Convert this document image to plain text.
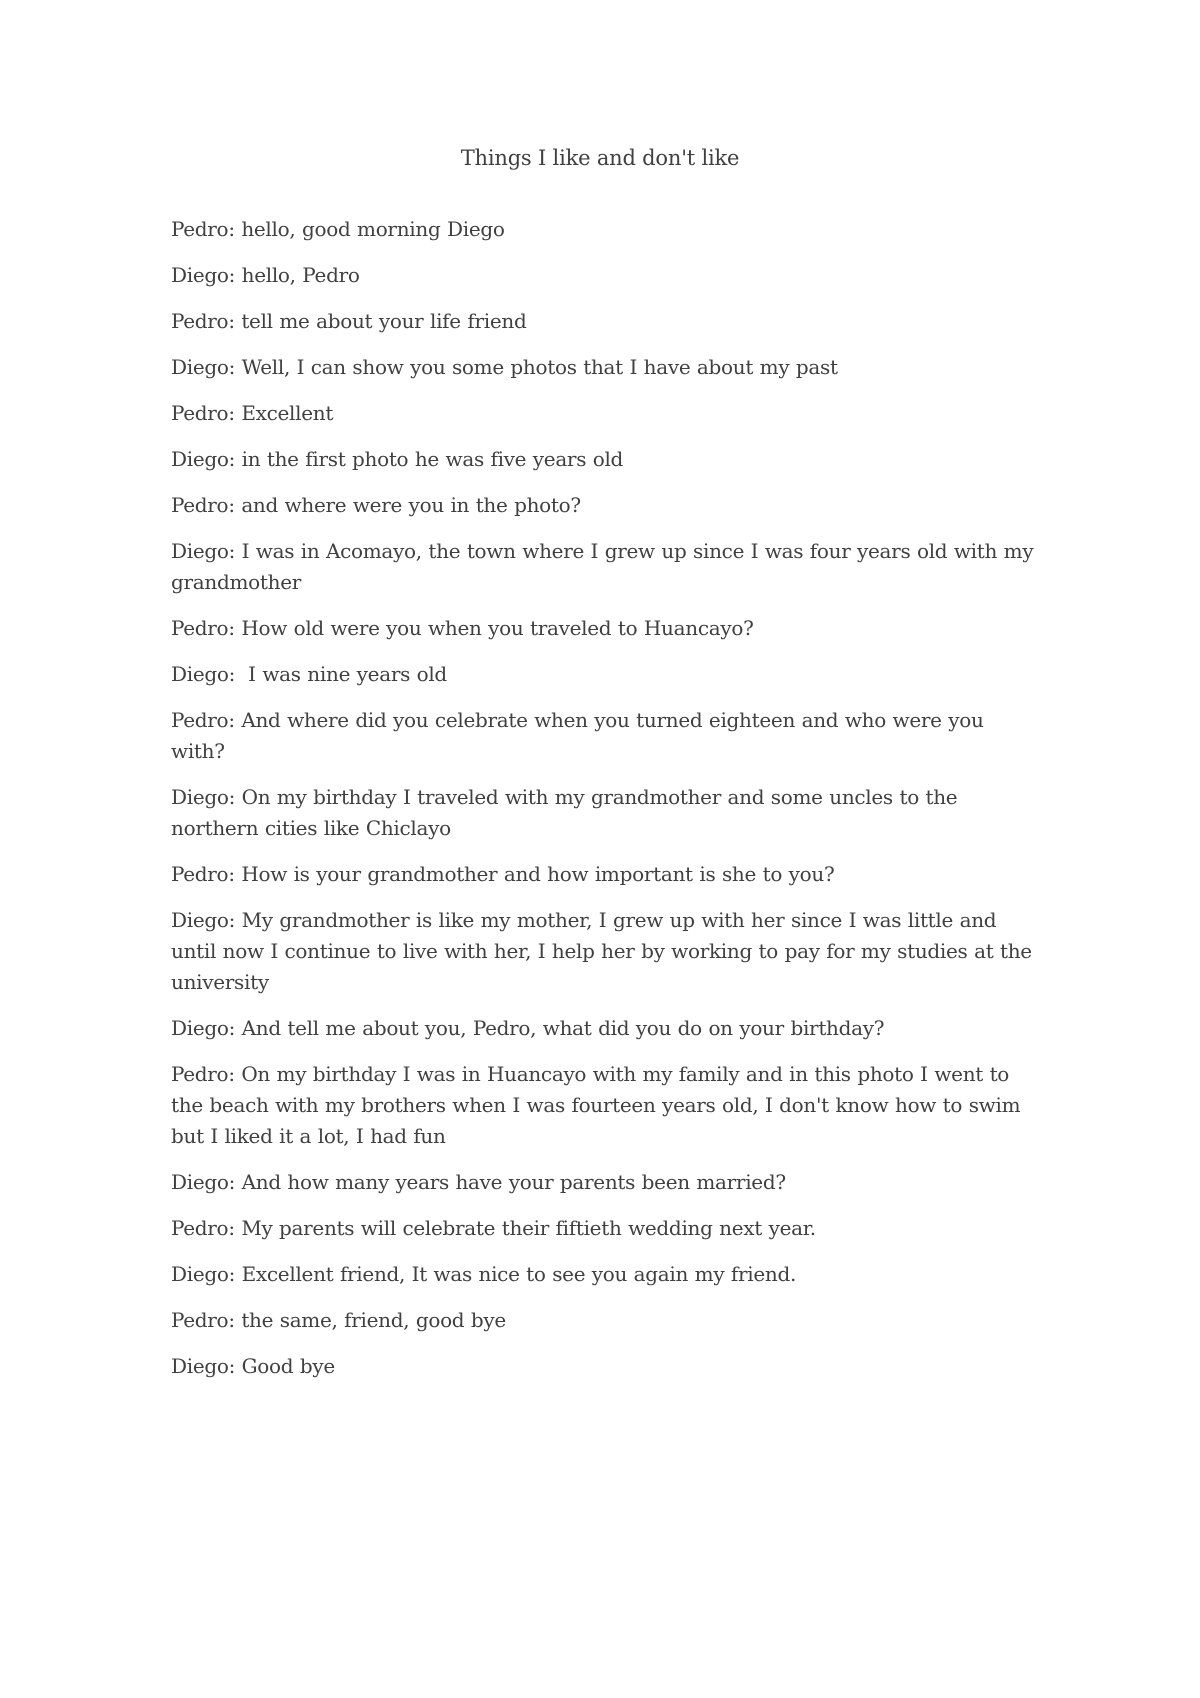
Things I like and don't like

Pedro : hello, good morning Diego

Diego : hello, Pedro

Pedro : tell me about your life friend

Diego : Well, I can show you some photos that I have about my past

Pedro : Excellent

Diego : in the first photo he was five years old

Pedro : and where were you in the photo?

Diego : I was in Acomayo, the town where I grew up since I was four years old with my grandmother

Pedro : How old were you when you traveled to Huancayo?

Diego :  I was nine years old

Pedro : And where did you celebrate when you turned eighteen and who were you with?

Diego : On my birthday I traveled with my grandmother and some uncles to the northern cities like Chiclayo

Pedro : How is your grandmother and how important is she to you?

Diego : My grandmother is like my mother, I grew up with her since I was little and until now I continue to live with her, I help her by working to pay for my studies at the university

Diego : And tell me about you, Pedro, what did you do on your birthday?

Pedro : On my birthday I was in Huancayo with my family and in this photo I went to the beach with my brothers when I was fourteen years old, I don't know how to swim but I liked it a lot, I had fun

Diego : And how many years have your parents been married?

Pedro : My parents will celebrate their fiftieth wedding next year.

Diego : Excellent friend, It was nice to see you again my friend.

Pedro : the same, friend, good bye

Diego : Good bye
